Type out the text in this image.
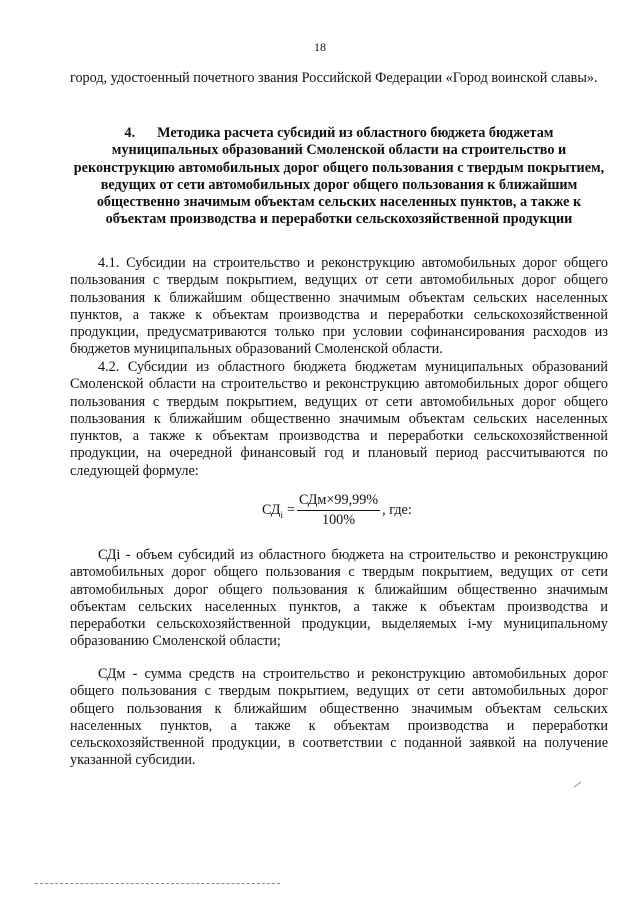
18

город, удостоенный почетного звания Российской Федерации «Город воинской славы».

4. Методика расчета субсидий из областного бюджета бюджетам муниципальных образований Смоленской области на строительство и реконструкцию автомобильных дорог общего пользования с твердым покрытием, ведущих от сети автомобильных дорог общего пользования к ближайшим общественно значимым объектам сельских населенных пунктов, а также к объектам производства и переработки сельскохозяйственной продукции

4.1. Субсидии на строительство и реконструкцию автомобильных дорог общего пользования с твердым покрытием, ведущих от сети автомобильных дорог общего пользования к ближайшим общественно значимым объектам сельских населенных пунктов, а также к объектам производства и переработки сельскохозяйственной продукции, предусматриваются только при условии софинансирования расходов из бюджетов муниципальных образований Смоленской области.

4.2. Субсидии из областного бюджета бюджетам муниципальных образований Смоленской области на строительство и реконструкцию автомобильных дорог общего пользования с твердым покрытием, ведущих от сети автомобильных дорог общего пользования к ближайшим общественно значимым объектам сельских населенных пунктов, а также к объектам производства и переработки сельскохозяйственной продукции, на очередной финансовый год и плановый период рассчитываются по следующей формуле:

$СД_i = \frac{\text{СДм×99,99\%}}{100\%}$ , где:

СДi - объем субсидий из областного бюджета на строительство и реконструкцию автомобильных дорог общего пользования с твердым покрытием, ведущих от сети автомобильных дорог общего пользования к ближайшим общественно значимым объектам сельских населенных пунктов, а также к объектам производства и переработки сельскохозяйственной продукции, выделяемых i-му муниципальному образованию Смоленской области;

СДм - сумма средств на строительство и реконструкцию автомобильных дорог общего пользования с твердым покрытием, ведущих от сети автомобильных дорог общего пользования к ближайшим общественно значимым объектам сельских населенных пунктов, а также к объектам производства и переработки сельскохозяйственной продукции, в соответствии с поданной заявкой на получение указанной субсидии.
